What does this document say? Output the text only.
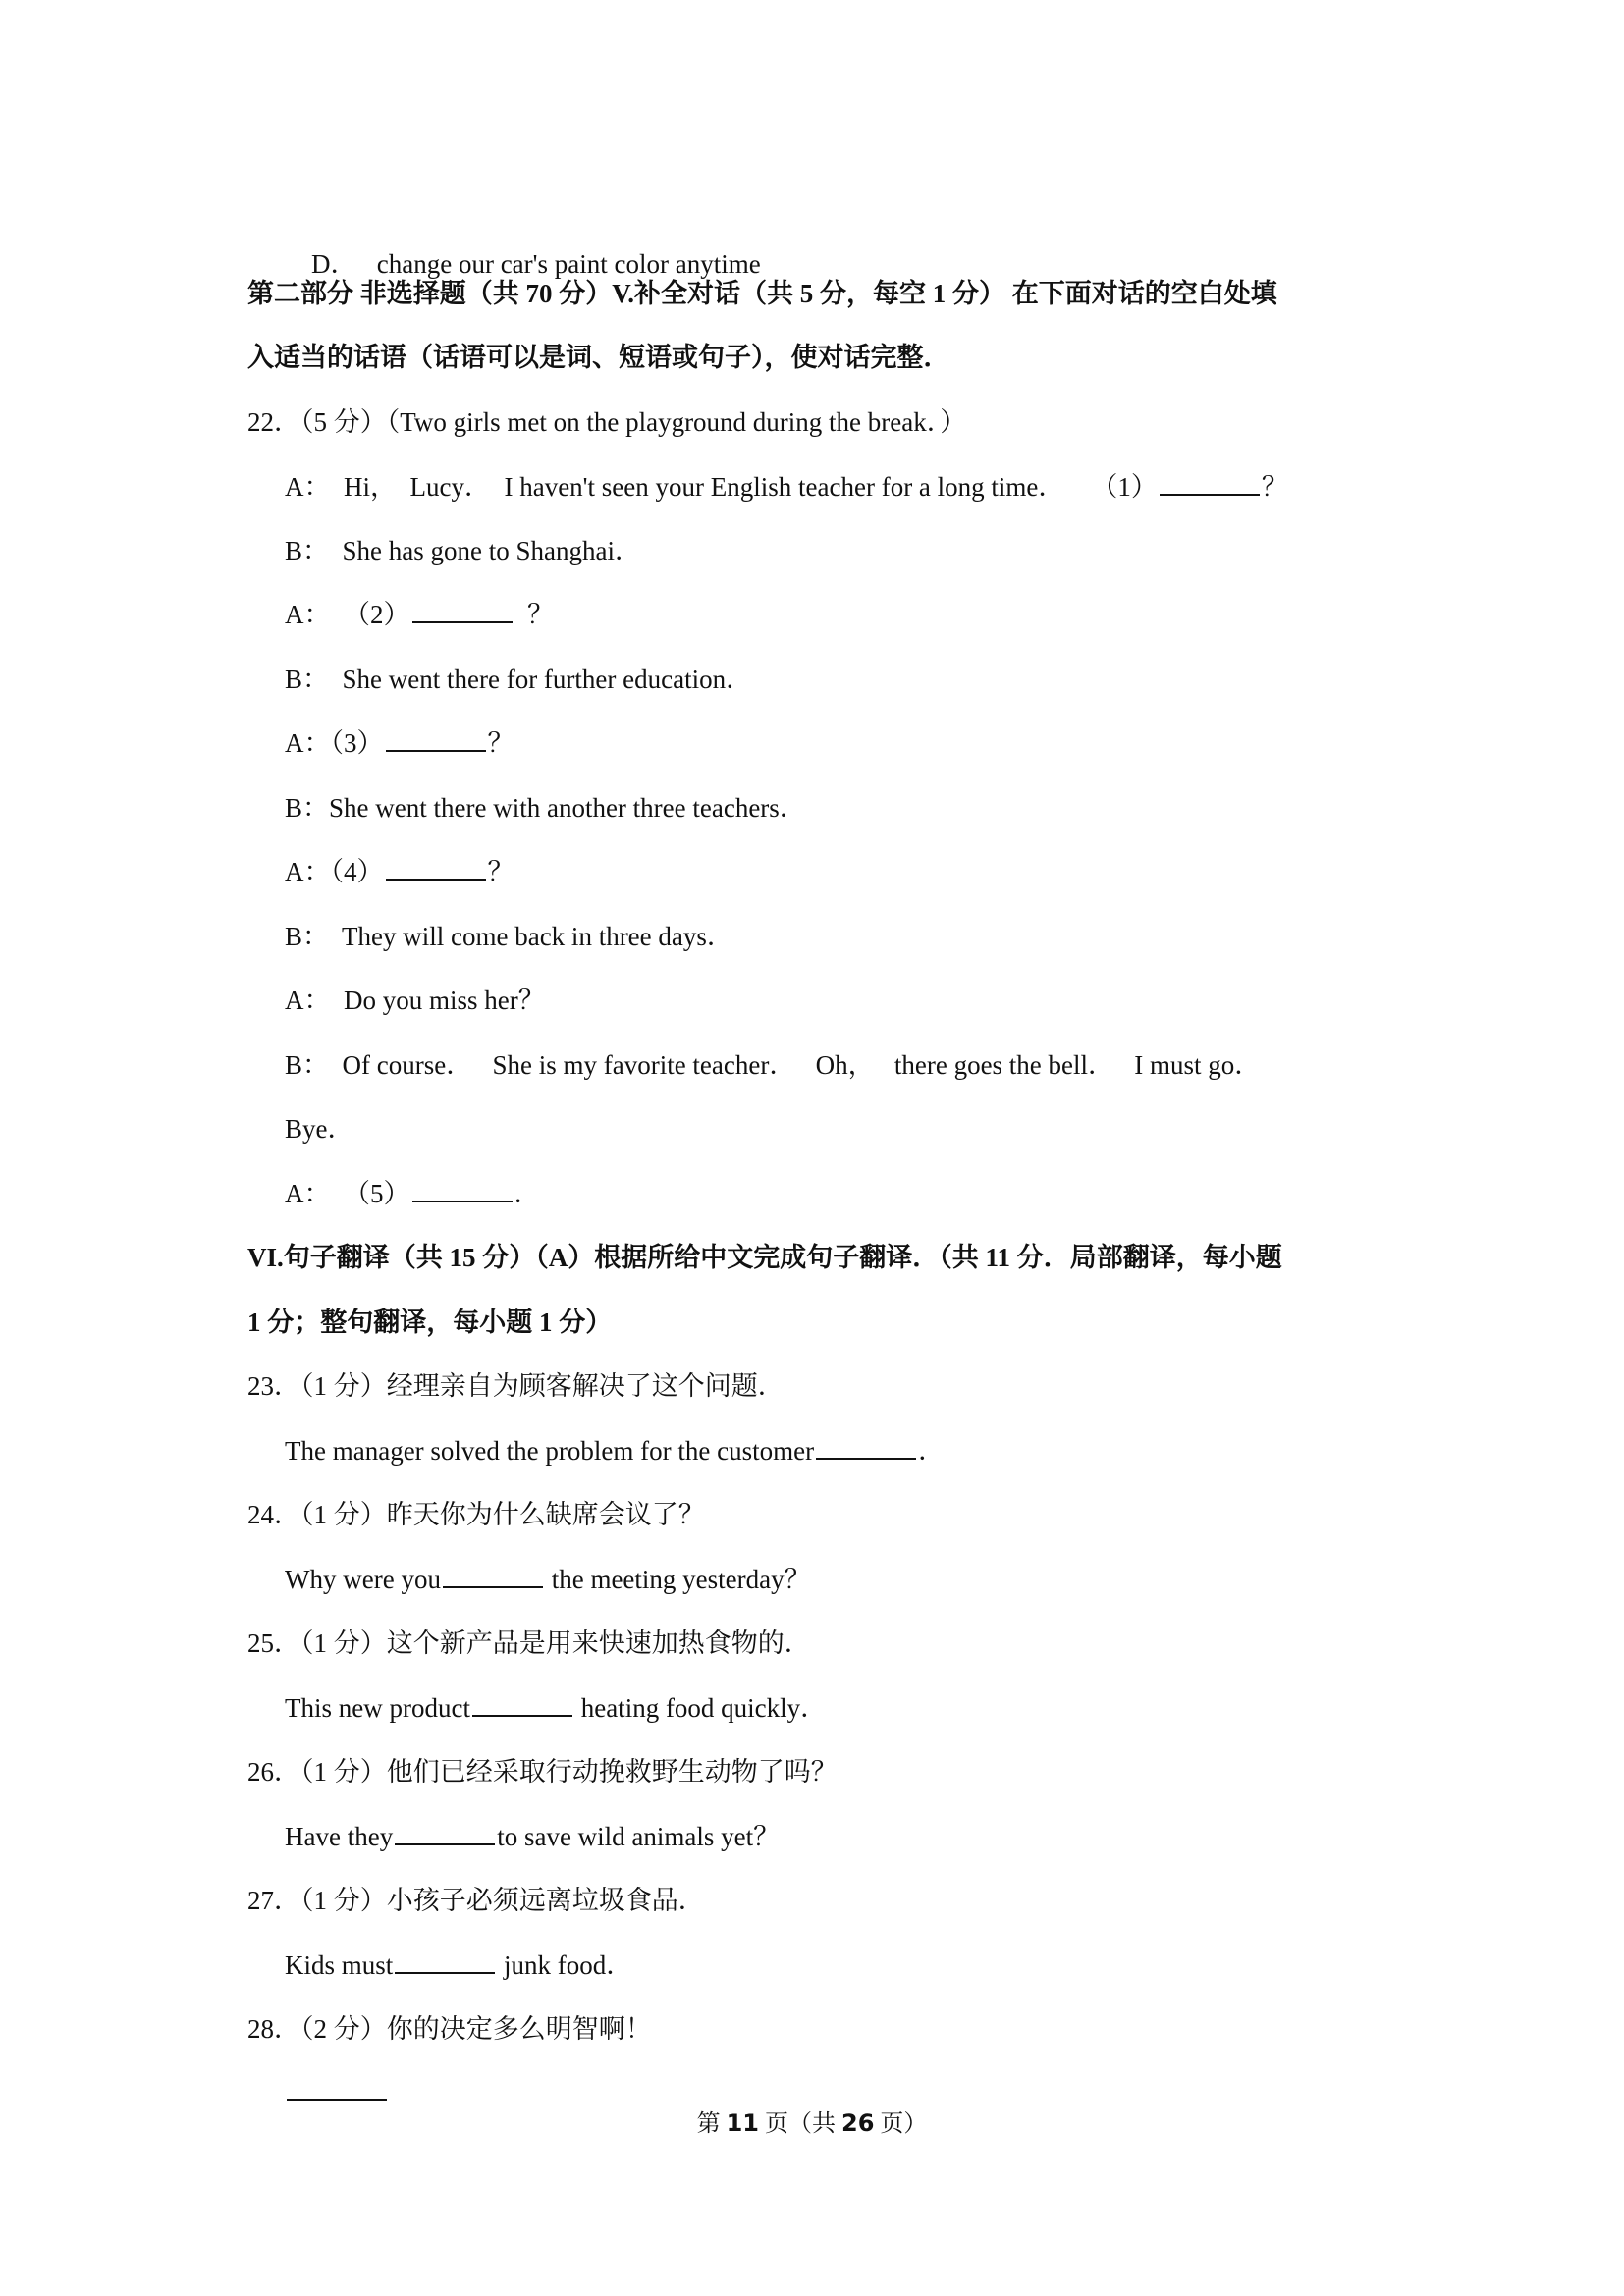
D． change our car's paint color anytime

第二部分 非选择题（共 70 分）V.补全对话（共 5 分，每空 1 分） 在下面对话的空白处填
入适当的话语（话语可以是词、短语或句子），使对话完整．
22．（5 分）（Two girls met on the playground during the break．）
A：  Hi，  Lucy．  I haven't seen your English teacher for a long time．    （1）	？
B：  She has gone to Shanghai．
A：  （2）	？
B：  She went there for further education．
A：（3）	？
B：She went there with another three teachers．
A：（4）	？
B：  They will come back in three days．
A：  Do you miss her？
B：  Of course．   She is my favorite teacher．   Oh，   there goes the bell．   I must go．
Bye．
A：  （5）	．
VI.句子翻译（共 15 分）（A）根据所给中文完成句子翻译．（共 11 分．局部翻译，每小题
1 分；整句翻译，每小题 1 分）
23．（1 分）经理亲自为顾客解决了这个问题．
The manager solved the problem for the customer	．
24．（1 分）昨天你为什么缺席会议了？
Why were you	the meeting yesterday？
25．（1 分）这个新产品是用来快速加热食物的．
This new product	heating food quickly．
26．（1 分）他们已经采取行动挽救野生动物了吗？
Have they	to save wild animals yet？
27．（1 分）小孩子必须远离垃圾食品．
Kids must	junk food．
28．（2 分）你的决定多么明智啊！
第 11 页（共 26 页）
